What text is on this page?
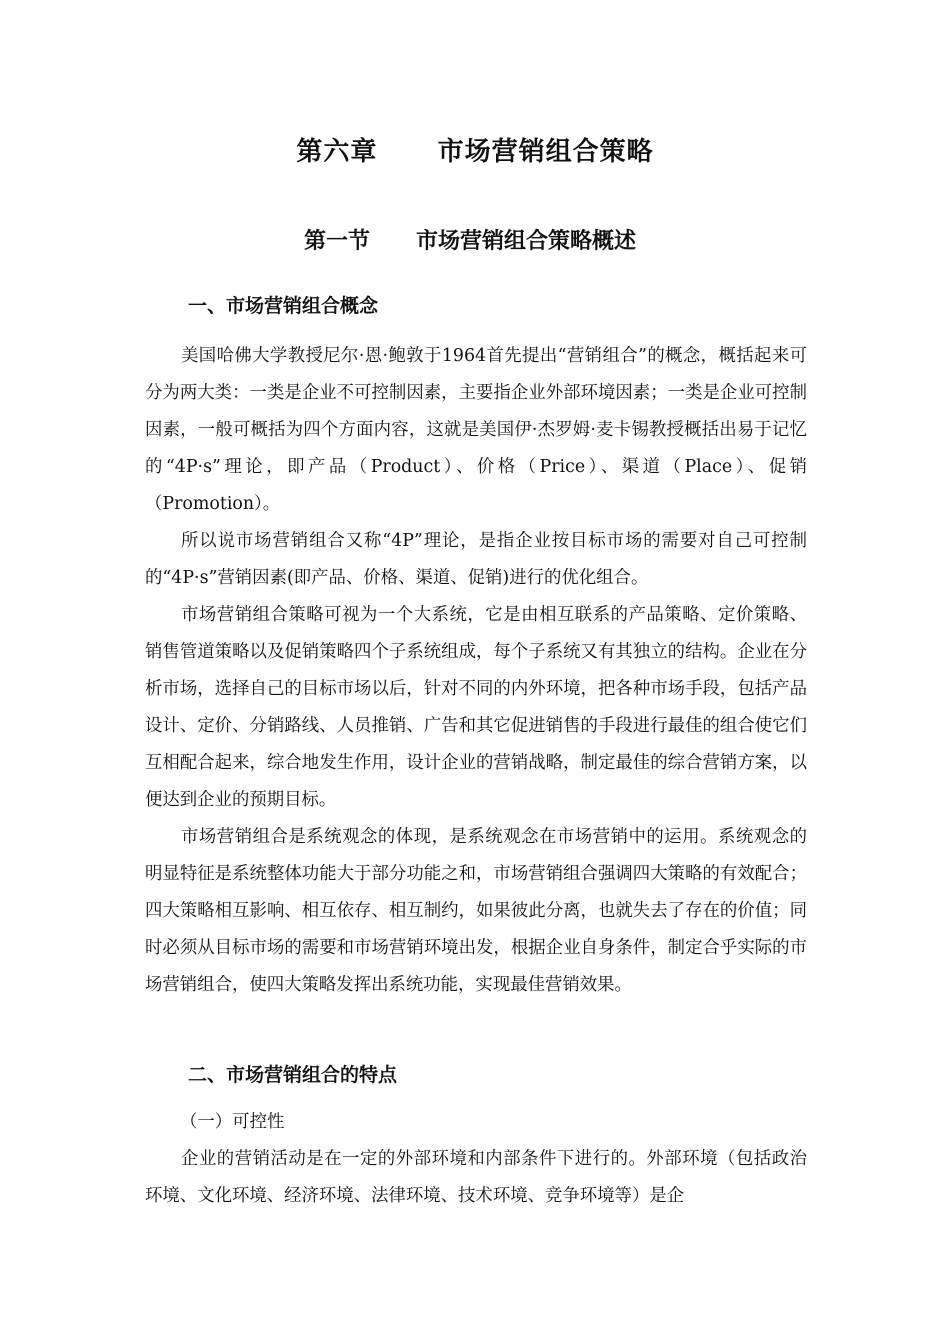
第六章      市场营销组合策略
第一节      市场营销组合策略概述
一、市场营销组合概念

美国哈佛大学教授尼尔·恩·鲍敦于1964首先提出“营销组合”的概念，概括起来可分为两大类：一类是企业不可控制因素，主要指企业外部环境因素；一类是企业可控制因素，一般可概括为四个方面内容，这就是美国伊·杰罗姆·麦卡锡教授概括出易于记忆的“4P·s”理论，即产品（Product）、价格（Price）、渠道（Place）、促销（Promotion）。

所以说市场营销组合又称“4P”理论，是指企业按目标市场的需要对自己可控制的“4P·s”营销因素(即产品、价格、渠道、促销)进行的优化组合。

市场营销组合策略可视为一个大系统，它是由相互联系的产品策略、定价策略、销售管道策略以及促销策略四个子系统组成，每个子系统又有其独立的结构。企业在分析市场，选择自己的目标市场以后，针对不同的内外环境，把各种市场手段，包括产品设计、定价、分销路线、人员推销、广告和其它促进销售的手段进行最佳的组合使它们互相配合起来，综合地发生作用，设计企业的营销战略，制定最佳的综合营销方案，以便达到企业的预期目标。

市场营销组合是系统观念的体现，是系统观念在市场营销中的运用。系统观念的明显特征是系统整体功能大于部分功能之和，市场营销组合强调四大策略的有效配合；四大策略相互影响、相互依存、相互制约，如果彼此分离，也就失去了存在的价值；同时必须从目标市场的需要和市场营销环境出发，根据企业自身条件，制定合乎实际的市场营销组合，使四大策略发挥出系统功能，实现最佳营销效果。

二、市场营销组合的特点
（一）可控性

企业的营销活动是在一定的外部环境和内部条件下进行的。外部环境（包括政治环境、文化环境、经济环境、法律环境、技术环境、竞争环境等）是企
